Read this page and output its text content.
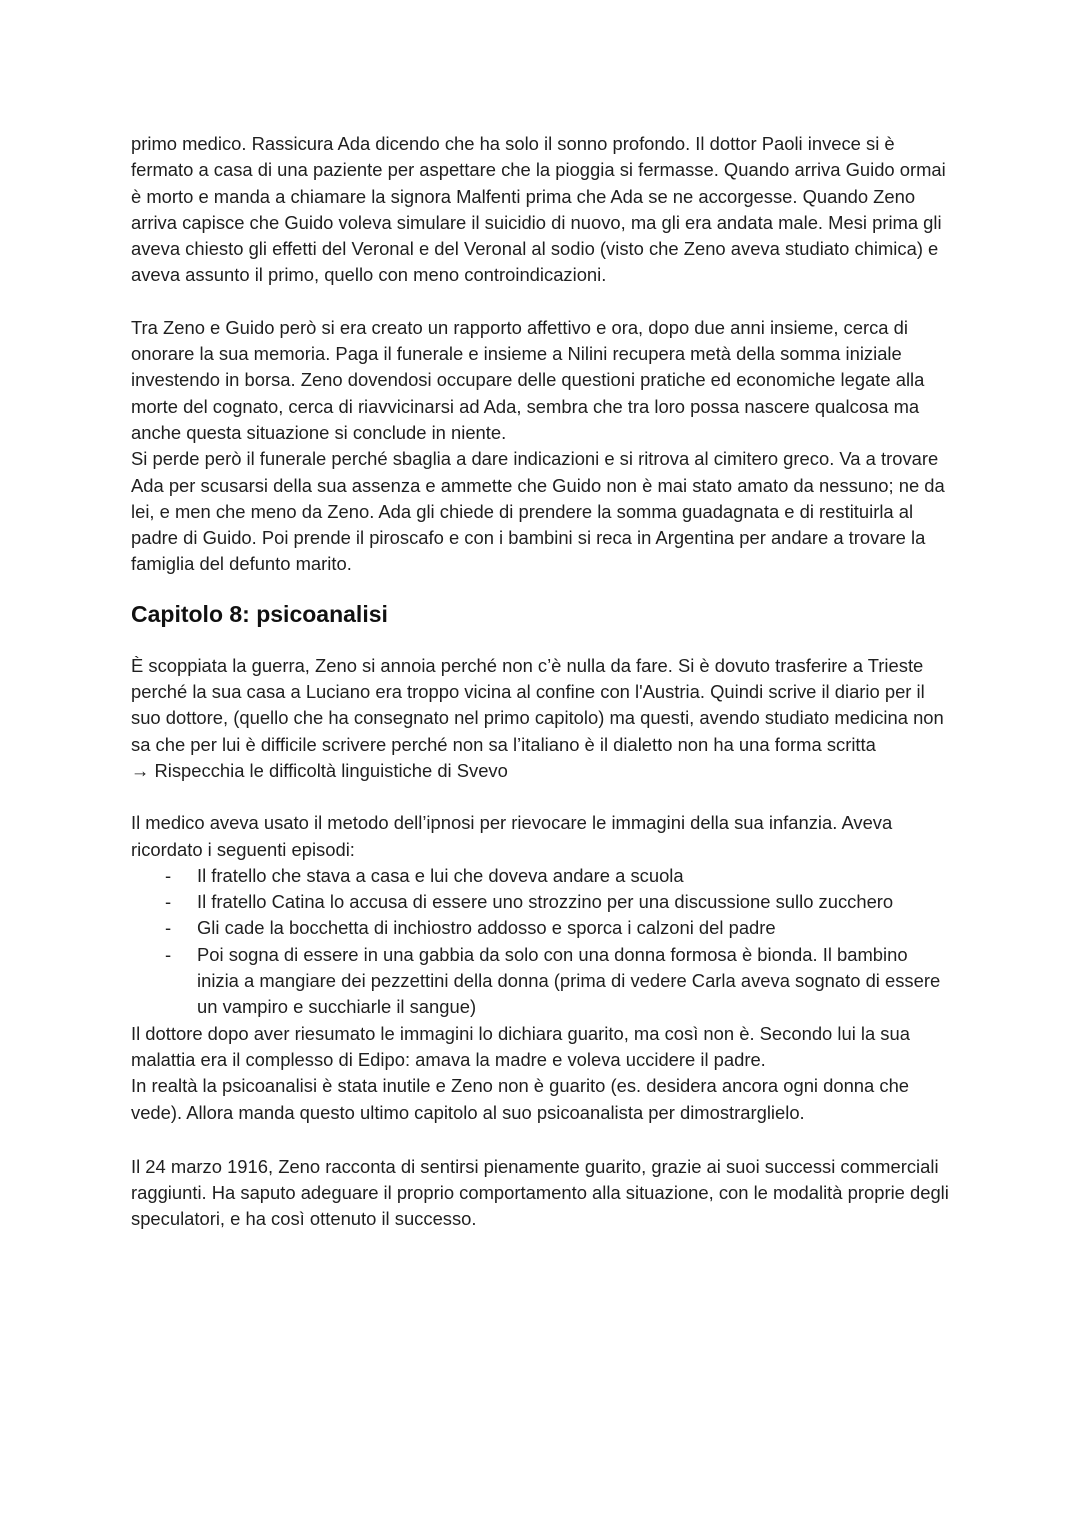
primo medico. Rassicura Ada dicendo che ha solo il sonno profondo. Il dottor Paoli invece si è fermato a casa di una paziente per aspettare che la pioggia si fermasse. Quando arriva Guido ormai è morto e manda a chiamare la signora Malfenti prima che Ada se ne accorgesse. Quando Zeno arriva capisce che Guido voleva simulare il suicidio di nuovo, ma gli era andata male. Mesi prima gli aveva chiesto gli effetti del Veronal e del Veronal al sodio (visto che Zeno aveva studiato chimica) e aveva assunto il primo, quello con meno controindicazioni.

Tra Zeno e Guido però si era creato un rapporto affettivo e ora, dopo due anni insieme, cerca di onorare la sua memoria. Paga il funerale e insieme a Nilini recupera metà della somma iniziale investendo in borsa. Zeno dovendosi occupare delle questioni pratiche ed economiche legate alla morte del cognato, cerca di riavvicinarsi ad Ada, sembra che tra loro possa nascere qualcosa ma anche questa situazione si conclude in niente.

Si perde però il funerale perché sbaglia a dare indicazioni e si ritrova al cimitero greco. Va a trovare Ada per scusarsi della sua assenza e ammette che Guido non è mai stato amato da nessuno; ne da lei, e men che meno da Zeno. Ada gli chiede di prendere la somma guadagnata e di restituirla al padre di Guido. Poi prende il piroscafo e con i bambini si reca in Argentina per andare a trovare la famiglia del defunto marito.

Capitolo 8: psicoanalisi

È scoppiata la guerra, Zeno si annoia perché non c’è nulla da fare. Si è dovuto trasferire a Trieste perché la sua casa a Luciano era troppo vicina al confine con l'Austria. Quindi scrive il diario per il suo dottore, (quello che ha consegnato nel primo capitolo) ma questi, avendo studiato medicina non sa che per lui è difficile scrivere perché non sa l’italiano è il dialetto non ha una forma scritta

→ Rispecchia le difficoltà linguistiche di Svevo

Il medico aveva usato il metodo dell’ipnosi per rievocare le immagini della sua infanzia. Aveva ricordato i seguenti episodi:

- Il fratello che stava a casa e lui che doveva andare a scuola
- Il fratello Catina lo accusa di essere uno strozzino per una discussione sullo zucchero
- Gli cade la bocchetta di inchiostro addosso e sporca i calzoni del padre
- Poi sogna di essere in una gabbia da solo con una donna formosa è bionda. Il bambino inizia a mangiare dei pezzettini della donna (prima di vedere Carla aveva sognato di essere un vampiro e succhiarle il sangue)

Il dottore dopo aver riesumato le immagini lo dichiara guarito, ma così non è. Secondo lui la sua malattia era il complesso di Edipo: amava la madre e voleva uccidere il padre.

In realtà la psicoanalisi è stata inutile e Zeno non è guarito (es. desidera ancora ogni donna che vede). Allora manda questo ultimo capitolo al suo psicoanalista per dimostrarglielo.

Il 24 marzo 1916, Zeno racconta di sentirsi pienamente guarito, grazie ai suoi successi commerciali raggiunti. Ha saputo adeguare il proprio comportamento alla situazione, con le modalità proprie degli speculatori, e ha così ottenuto il successo.
